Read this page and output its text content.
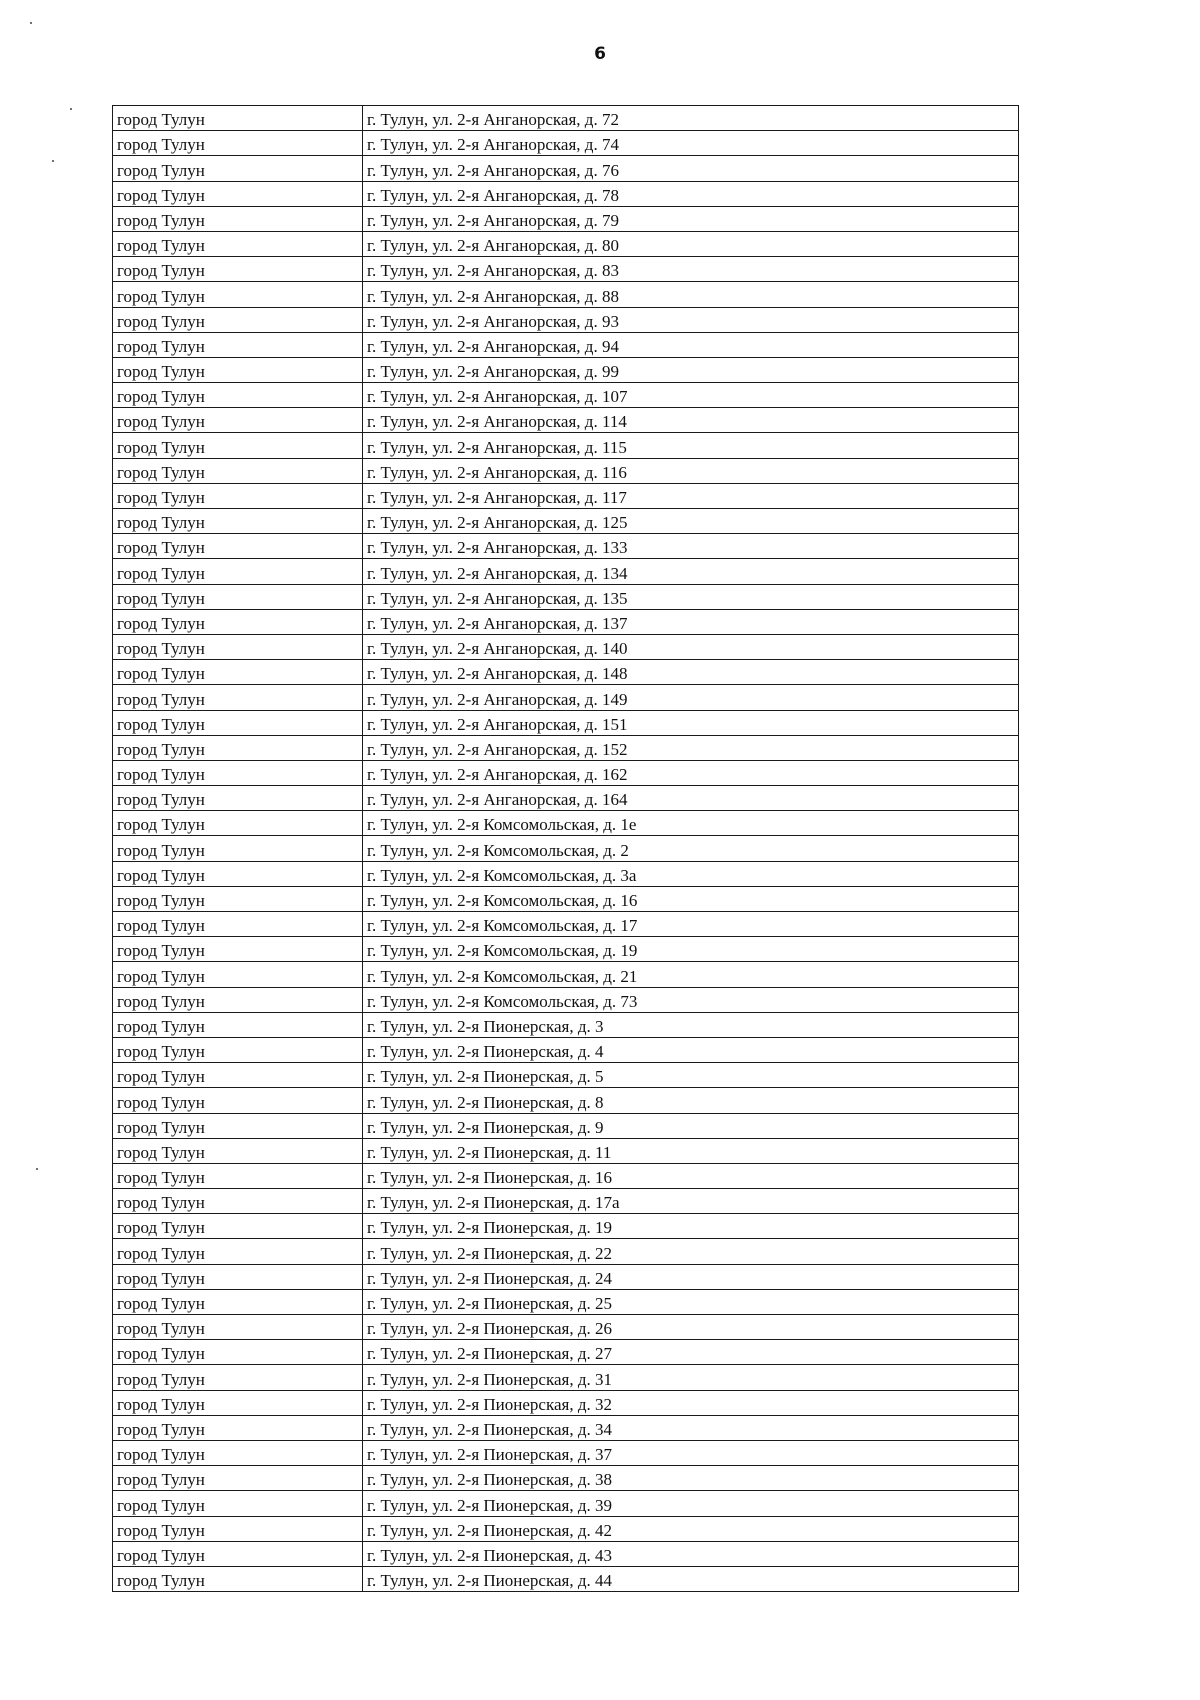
6
город Тулун	г. Тулун, ул. 2-я Анганорская, д. 72
город Тулун	г. Тулун, ул. 2-я Анганорская, д. 74
город Тулун	г. Тулун, ул. 2-я Анганорская, д. 76
город Тулун	г. Тулун, ул. 2-я Анганорская, д. 78
город Тулун	г. Тулун, ул. 2-я Анганорская, д. 79
город Тулун	г. Тулун, ул. 2-я Анганорская, д. 80
город Тулун	г. Тулун, ул. 2-я Анганорская, д. 83
город Тулун	г. Тулун, ул. 2-я Анганорская, д. 88
город Тулун	г. Тулун, ул. 2-я Анганорская, д. 93
город Тулун	г. Тулун, ул. 2-я Анганорская, д. 94
город Тулун	г. Тулун, ул. 2-я Анганорская, д. 99
город Тулун	г. Тулун, ул. 2-я Анганорская, д. 107
город Тулун	г. Тулун, ул. 2-я Анганорская, д. 114
город Тулун	г. Тулун, ул. 2-я Анганорская, д. 115
город Тулун	г. Тулун, ул. 2-я Анганорская, д. 116
город Тулун	г. Тулун, ул. 2-я Анганорская, д. 117
город Тулун	г. Тулун, ул. 2-я Анганорская, д. 125
город Тулун	г. Тулун, ул. 2-я Анганорская, д. 133
город Тулун	г. Тулун, ул. 2-я Анганорская, д. 134
город Тулун	г. Тулун, ул. 2-я Анганорская, д. 135
город Тулун	г. Тулун, ул. 2-я Анганорская, д. 137
город Тулун	г. Тулун, ул. 2-я Анганорская, д. 140
город Тулун	г. Тулун, ул. 2-я Анганорская, д. 148
город Тулун	г. Тулун, ул. 2-я Анганорская, д. 149
город Тулун	г. Тулун, ул. 2-я Анганорская, д. 151
город Тулун	г. Тулун, ул. 2-я Анганорская, д. 152
город Тулун	г. Тулун, ул. 2-я Анганорская, д. 162
город Тулун	г. Тулун, ул. 2-я Анганорская, д. 164
город Тулун	г. Тулун, ул. 2-я Комсомольская, д. 1е
город Тулун	г. Тулун, ул. 2-я Комсомольская, д. 2
город Тулун	г. Тулун, ул. 2-я Комсомольская, д. 3а
город Тулун	г. Тулун, ул. 2-я Комсомольская, д. 16
город Тулун	г. Тулун, ул. 2-я Комсомольская, д. 17
город Тулун	г. Тулун, ул. 2-я Комсомольская, д. 19
город Тулун	г. Тулун, ул. 2-я Комсомольская, д. 21
город Тулун	г. Тулун, ул. 2-я Комсомольская, д. 73
город Тулун	г. Тулун, ул. 2-я Пионерская, д. 3
город Тулун	г. Тулун, ул. 2-я Пионерская, д. 4
город Тулун	г. Тулун, ул. 2-я Пионерская, д. 5
город Тулун	г. Тулун, ул. 2-я Пионерская, д. 8
город Тулун	г. Тулун, ул. 2-я Пионерская, д. 9
город Тулун	г. Тулун, ул. 2-я Пионерская, д. 11
город Тулун	г. Тулун, ул. 2-я Пионерская, д. 16
город Тулун	г. Тулун, ул. 2-я Пионерская, д. 17а
город Тулун	г. Тулун, ул. 2-я Пионерская, д. 19
город Тулун	г. Тулун, ул. 2-я Пионерская, д. 22
город Тулун	г. Тулун, ул. 2-я Пионерская, д. 24
город Тулун	г. Тулун, ул. 2-я Пионерская, д. 25
город Тулун	г. Тулун, ул. 2-я Пионерская, д. 26
город Тулун	г. Тулун, ул. 2-я Пионерская, д. 27
город Тулун	г. Тулун, ул. 2-я Пионерская, д. 31
город Тулун	г. Тулун, ул. 2-я Пионерская, д. 32
город Тулун	г. Тулун, ул. 2-я Пионерская, д. 34
город Тулун	г. Тулун, ул. 2-я Пионерская, д. 37
город Тулун	г. Тулун, ул. 2-я Пионерская, д. 38
город Тулун	г. Тулун, ул. 2-я Пионерская, д. 39
город Тулун	г. Тулун, ул. 2-я Пионерская, д. 42
город Тулун	г. Тулун, ул. 2-я Пионерская, д. 43
город Тулун	г. Тулун, ул. 2-я Пионерская, д. 44
